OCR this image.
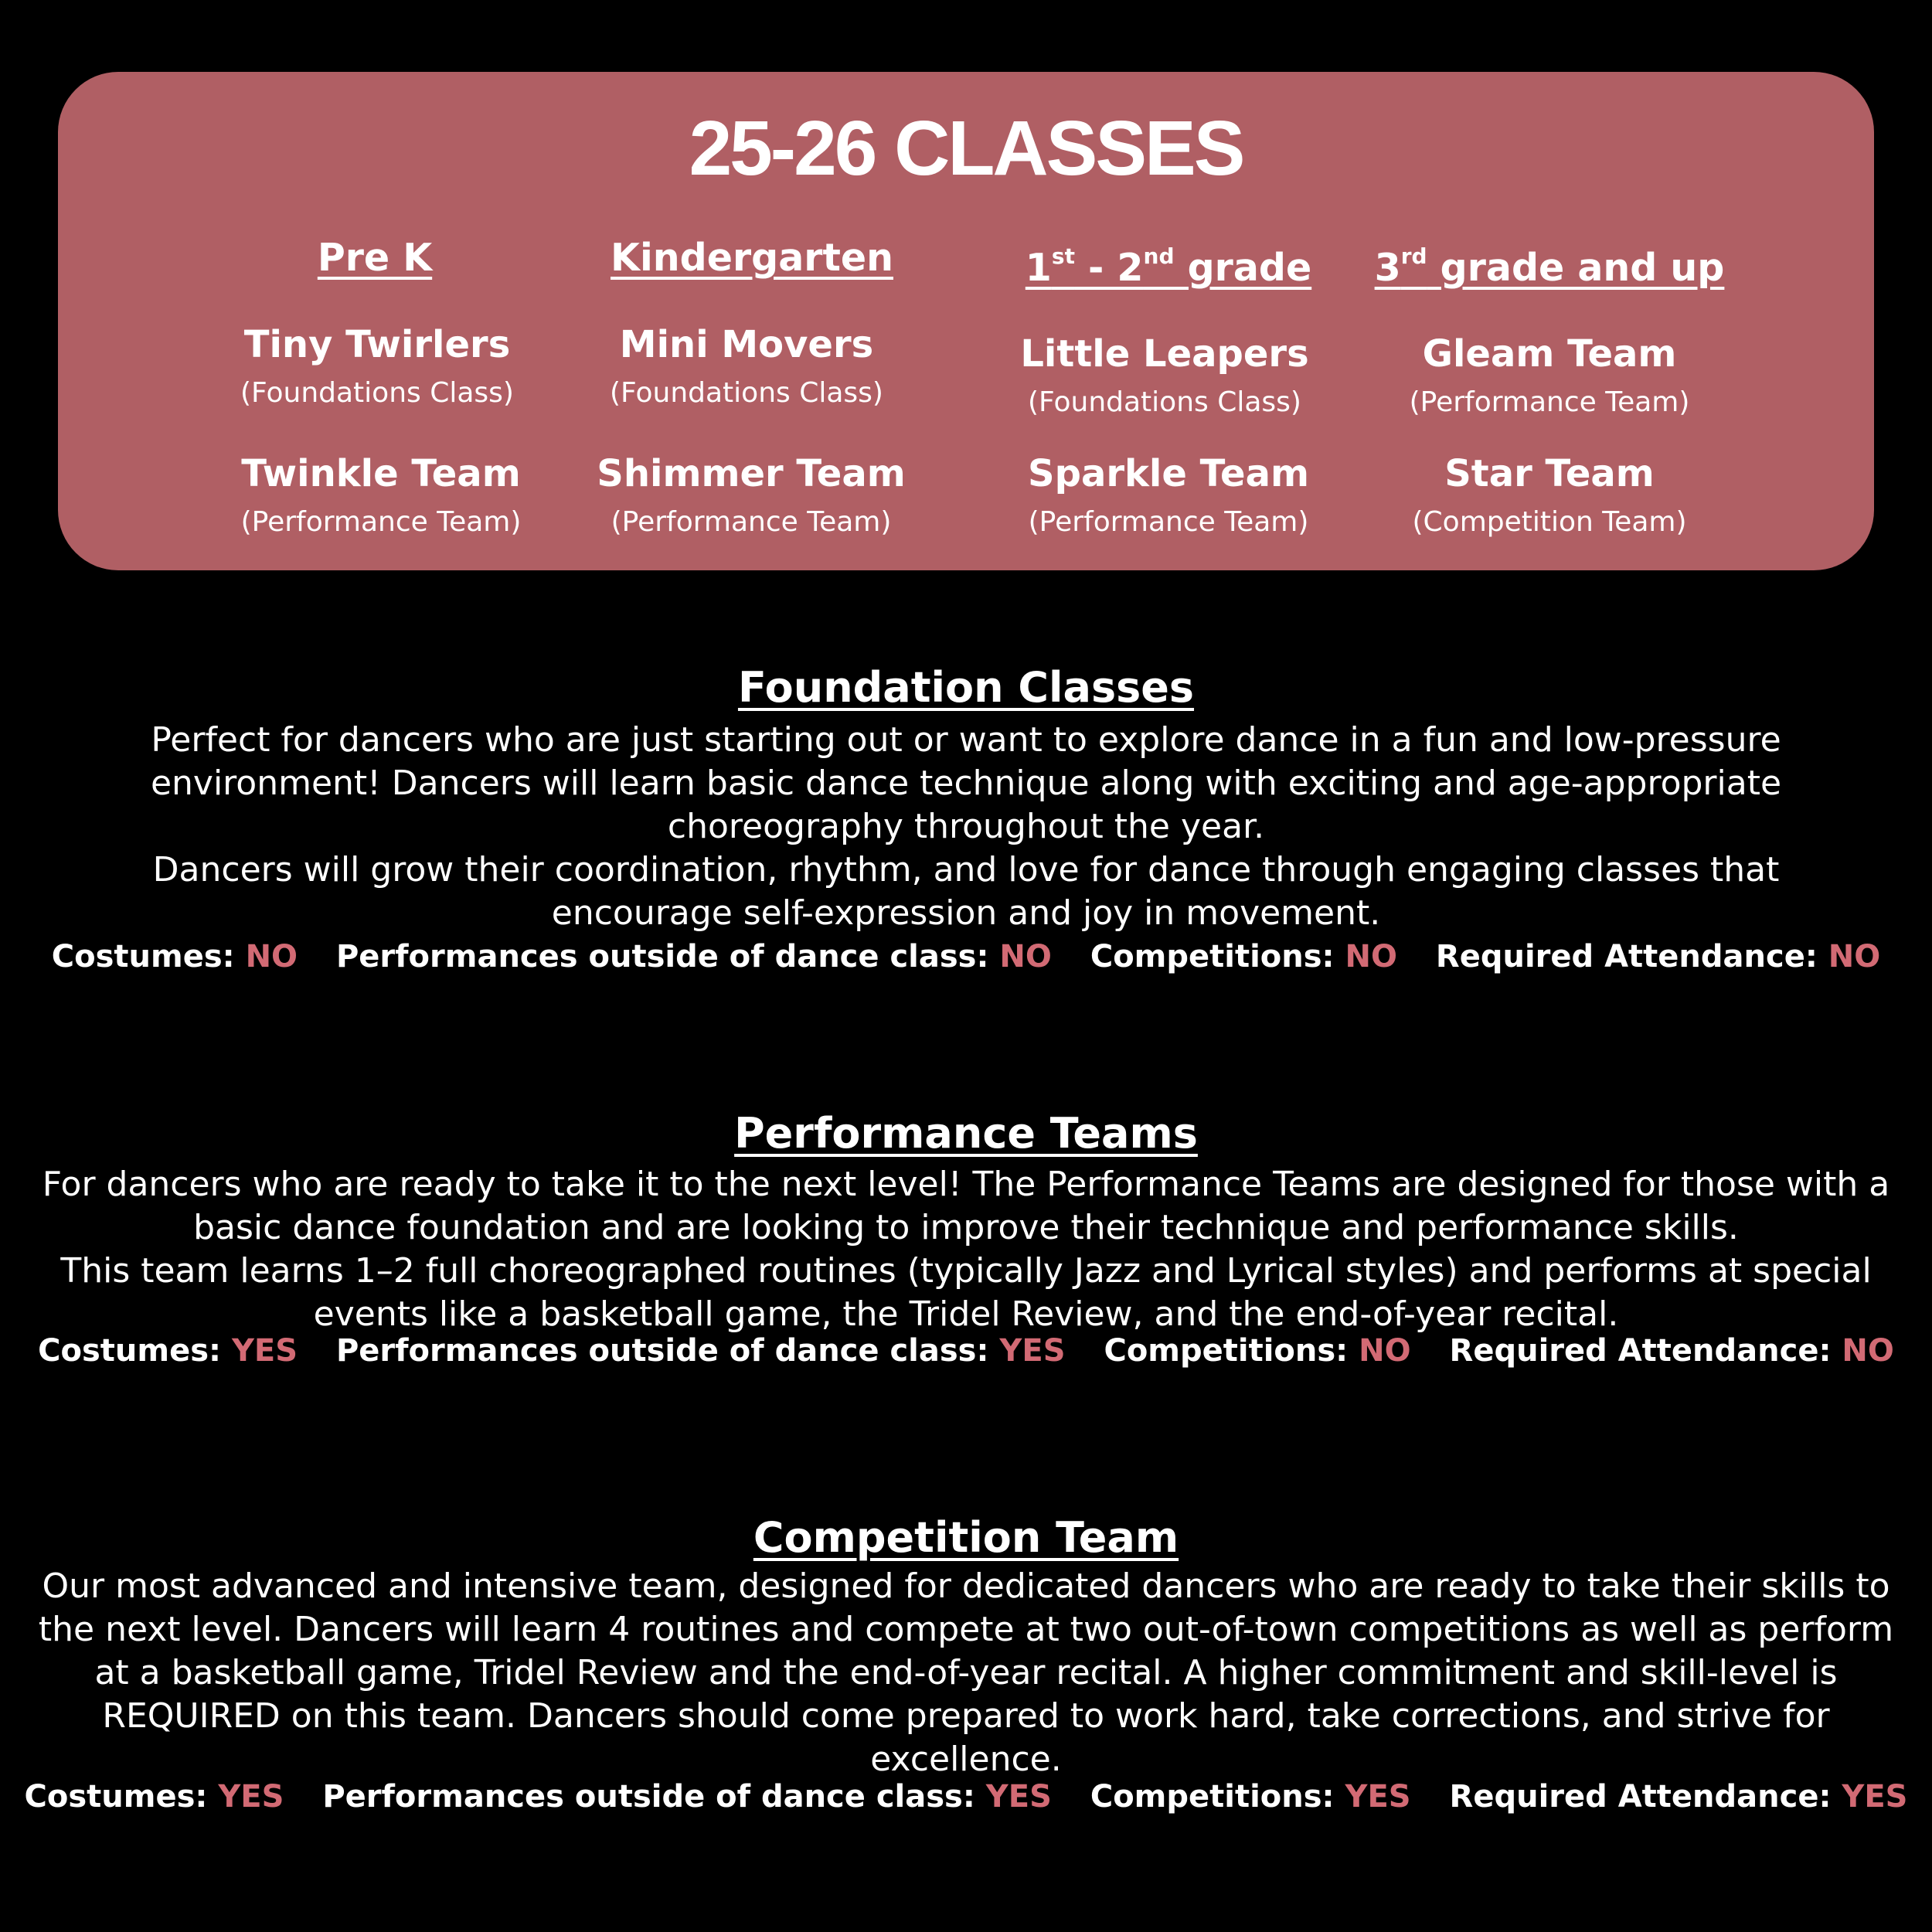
25-26 CLASSES
Pre K
Tiny Twirlers
(Foundations Class)
Twinkle Team
(Performance Team)
Kindergarten
Mini Movers
(Foundations Class)
Shimmer Team
(Performance Team)
1st - 2nd grade
Little Leapers
(Foundations Class)
Sparkle Team
(Performance Team)
3rd grade and up
Gleam Team
(Performance Team)
Star Team
(Competition Team)
Foundation Classes

Perfect for dancers who are just starting out or want to explore dance in a fun and low-pressure environment! Dancers will learn basic dance technique along with exciting and age-appropriate choreography throughout the year.

Dancers will grow their coordination, rhythm, and love for dance through engaging classes that encourage self-expression and joy in movement.

Costumes: NO Performances outside of dance class: NO Competitions: NO Required Attendance: NO
Performance Teams

For dancers who are ready to take it to the next level! The Performance Teams are designed for those with a basic dance foundation and are looking to improve their technique and performance skills.

This team learns 1–2 full choreographed routines (typically Jazz and Lyrical styles) and performs at special events like a basketball game, the Tridel Review, and the end-of-year recital.

Costumes: YES Performances outside of dance class: YES Competitions: NO Required Attendance: NO
Competition Team

Our most advanced and intensive team, designed for dedicated dancers who are ready to take their skills to the next level. Dancers will learn 4 routines and compete at two out-of-town competitions as well as perform at a basketball game, Tridel Review and the end-of-year recital. A higher commitment and skill-level is REQUIRED on this team. Dancers should come prepared to work hard, take corrections, and strive for excellence.

Costumes: YES Performances outside of dance class: YES Competitions: YES Required Attendance: YES
